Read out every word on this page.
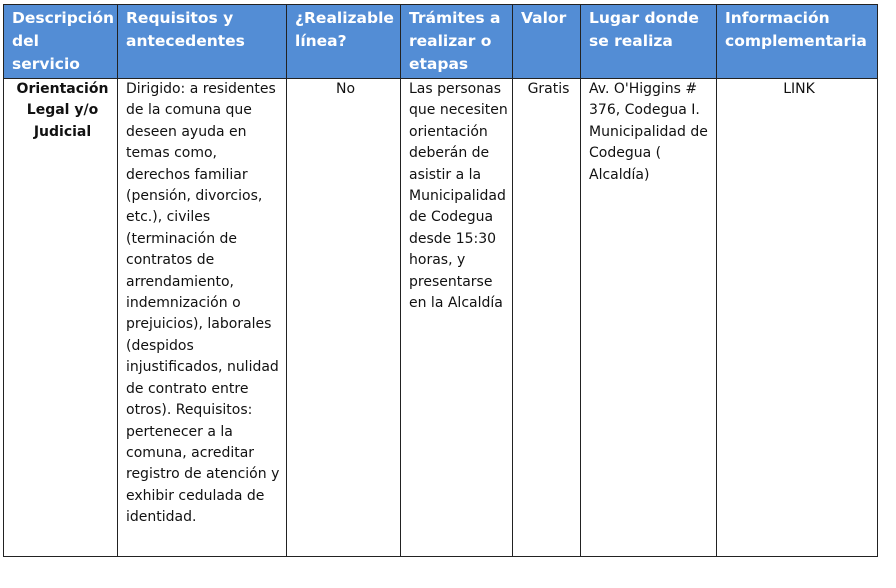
Descripción del servicio	Requisitos y antecedentes	¿Realizable línea?	Trámites a realizar o etapas	Valor	Lugar donde se realiza	Información complementaria
Orientación Legal y/o Judicial	Dirigido: a residentes de la comuna que deseen ayuda en temas como, derechos familiar (pensión, divorcios, etc.), civiles (terminación de contratos de arrendamiento, indemnización o prejuicios), laborales (despidos injustificados, nulidad de contrato entre otros). Requisitos: pertenecer a la comuna, acreditar registro de atención y exhibir cedulada de identidad.	No	Las personas que necesiten orientación deberán de asistir a la Municipalidad de Codegua desde 15:30 horas, y presentarse en la Alcaldía	Gratis	Av. O'Higgins # 376, Codegua I. Municipalidad de Codegua ( Alcaldía)	LINK
